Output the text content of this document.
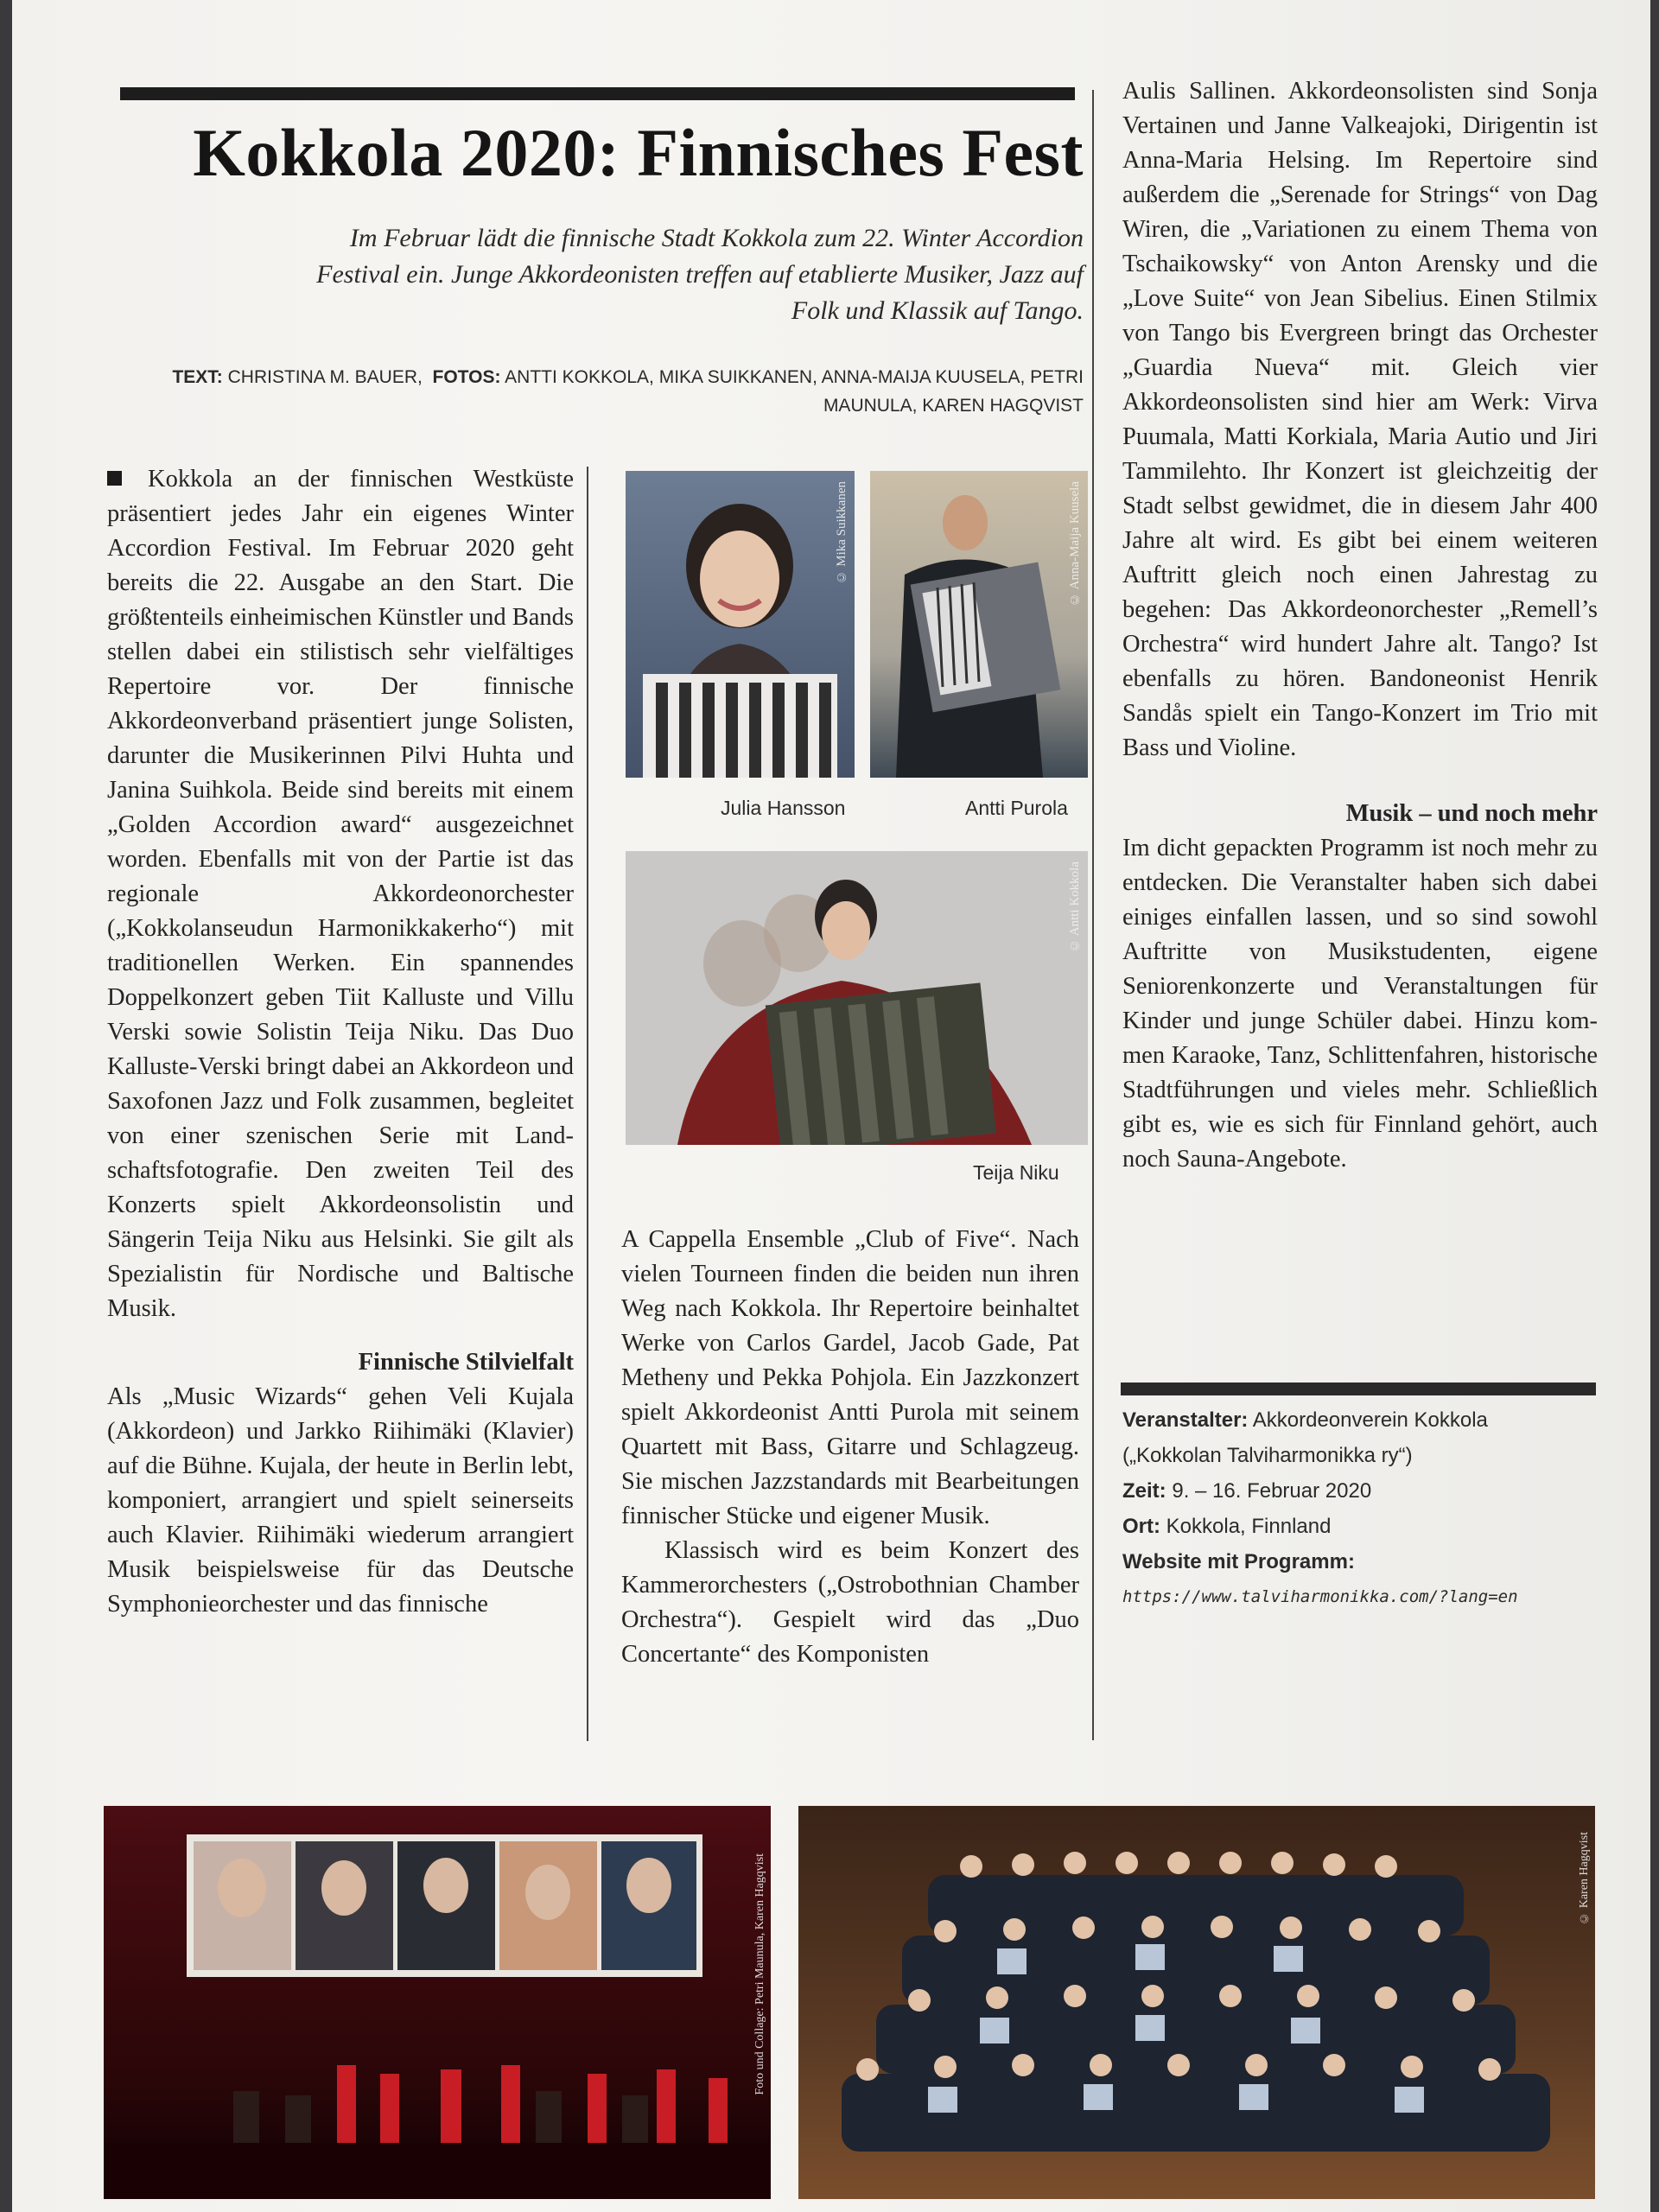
Kokkola 2020: Finnisches Fest

Im Februar lädt die finnische Stadt Kokkola zum 22. Winter Accordion Festival ein. Junge Akkordeonisten treffen auf etablierte Musiker, Jazz auf Folk und Klassik auf Tango.

TEXT: CHRISTINA M. BAUER, FOTOS: ANTTI KOKKOLA, MIKA SUIKKANEN, ANNA-MAIJA KUUSELA, PETRI MAUNULA, KAREN HAGQVIST

Kokkola an der finnischen Westküste präsentiert jedes Jahr ein eigenes Winter Accordion Festival. Im Februar 2020 geht bereits die 22. Ausgabe an den Start. Die größtenteils einheimischen Künstler und Bands stellen dabei ein stilistisch sehr vielfältiges Repertoire vor. Der finnische Akkordeonverband präsentiert junge Solisten, darunter die Musikerinnen Pilvi Huhta und Janina Suihkola. Beide sind bereits mit einem „Golden Accordion award“ ausgezeichnet worden. Ebenfalls mit von der Partie ist das regionale Akkordeonorchester („Kokkolanseudun Harmonikkakerho“) mit traditionellen Werken. Ein spannendes Doppelkonzert geben Tiit Kalluste und Villu Verski sowie Solistin Teija Niku. Das Duo Kalluste-Verski bringt dabei an Akkordeon und Saxofonen Jazz und Folk zusammen, begleitet von einer szenischen Serie mit Landschaftsfotografie. Den zweiten Teil des Konzerts spielt Akkordeonsolistin und Sängerin Teija Niku aus Helsinki. Sie gilt als Spezialistin für Nordische und Baltische Musik.

Finnische Stilvielfalt

Als „Music Wizards“ gehen Veli Kujala (Akkordeon) und Jarkko Riihimäki (Klavier) auf die Bühne. Kujala, der heute in Berlin lebt, komponiert, arrangiert und spielt seinerseits auch Klavier. Riihimäki wiederum arrangiert Musik beispielsweise für das Deutsche Symphonieorchester und das finnische

© Mika Suikkanen
Julia Hansson
© Anna-Maija Kuusela
Antti Purola
© Antti Kokkola
Teija Niku

A Cappella Ensemble „Club of Five“. Nach vielen Tourneen finden die beiden nun ihren Weg nach Kokkola. Ihr Repertoire beinhaltet Werke von Carlos Gardel, Jacob Gade, Pat Metheny und Pekka Pohjola. Ein Jazzkonzert spielt Akkordeonist Antti Purola mit seinem Quartett mit Bass, Gitarre und Schlagzeug. Sie mischen Jazzstandards mit Bearbeitungen finnischer Stücke und eigener Musik.

Klassisch wird es beim Konzert des Kammerorchesters („Ostrobothnian Chamber Orchestra“). Gespielt wird das „Duo Concertante“ des Komponisten

Aulis Sallinen. Akkordeonsolisten sind Sonja Vertainen und Janne Valkeajoki, Dirigentin ist Anna-Maria Helsing. Im Repertoire sind außerdem die „Serenade for Strings“ von Dag Wiren, die „Variationen zu einem Thema von Tschaikowsky“ von Anton Arensky und die „Love Suite“ von Jean Sibelius. Einen Stilmix von Tango bis Evergreen bringt das Orchester „Guardia Nueva“ mit. Gleich vier Akkordeonsolisten sind hier am Werk: Virva Puumala, Matti Korkiala, Maria Autio und Jiri Tammilehto. Ihr Konzert ist gleichzeitig der Stadt selbst gewidmet, die in diesem Jahr 400 Jahre alt wird. Es gibt bei einem weiteren Auftritt gleich noch einen Jahrestag zu begehen: Das Akkordeonorchester „Remell’s Orchestra“ wird hundert Jahre alt. Tango? Ist ebenfalls zu hören. Bandoneonist Henrik Sandås spielt ein Tango-Konzert im Trio mit Bass und Violine.

Musik – und noch mehr

Im dicht gepackten Programm ist noch mehr zu entdecken. Die Veranstalter haben sich dabei einiges einfallen lassen, und so sind sowohl Auftritte von Musikstudenten, eigene Seniorenkonzerte und Veranstaltungen für Kinder und junge Schüler dabei. Hinzu kommen Karaoke, Tanz, Schlittenfahren, historische Stadtführungen und vieles mehr. Schließlich gibt es, wie es sich für Finnland gehört, auch noch Sauna-Angebote.

Veranstalter: Akkordeonverein Kokkola

(„Kokkolan Talviharmonikka ry“)

Zeit: 9. – 16. Februar 2020

Ort: Kokkola, Finnland

Website mit Programm:

https://www.talviharmonikka.com/?lang=en

Foto und Collage: Petri Maunula, Karen Hagqvist	© Karen Hagqvist
